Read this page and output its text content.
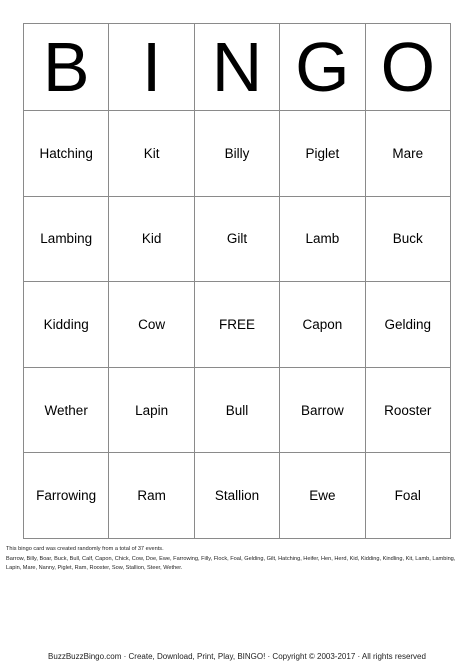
B I N G O
Hatching	Kit	Billy	Piglet	Mare
Lambing	Kid	Gilt	Lamb	Buck
Kidding	Cow	FREE	Capon	Gelding
Wether	Lapin	Bull	Barrow	Rooster
Farrowing	Ram	Stallion	Ewe	Foal
This bingo card was created randomly from a total of 37 events.
Barrow, Billy, Boar, Buck, Bull, Calf, Capon, Chick, Cow, Doe, Ewe, Farrowing, Filly, Flock, Foal, Gelding, Gilt, Hatching, Heifer, Hen, Herd, Kid, Kidding, Kindling, Kit, Lamb, Lambing, Lapin, Mare, Nanny, Piglet, Ram, Rooster, Sow, Stallion, Steer, Wether.
BuzzBuzzBingo.com · Create, Download, Print, Play, BINGO! · Copyright © 2003-2017 · All rights reserved
